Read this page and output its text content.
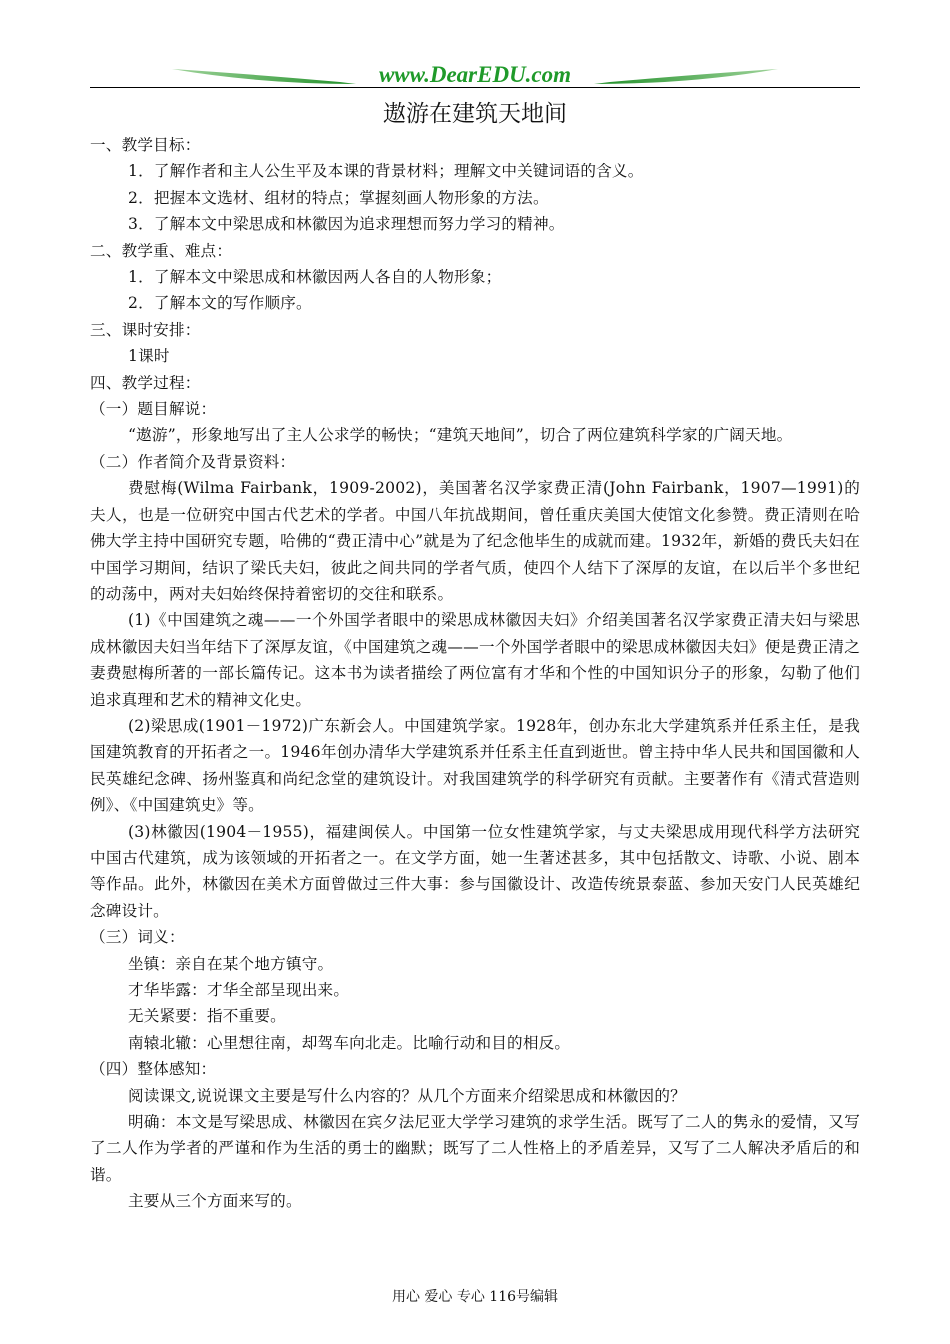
www.DearEDU.com
遨游在建筑天地间

一、教学目标：

1．了解作者和主人公生平及本课的背景材料；理解文中关键词语的含义。

2．把握本文选材、组材的特点；掌握刻画人物形象的方法。

3．了解本文中梁思成和林徽因为追求理想而努力学习的精神。

二、教学重、难点：

1．了解本文中梁思成和林徽因两人各自的人物形象；

2．了解本文的写作顺序。

三、课时安排：

1课时

四、教学过程：

（一）题目解说：

“遨游”，形象地写出了主人公求学的畅快；“建筑天地间”，切合了两位建筑科学家的广阔天地。

（二）作者简介及背景资料：

费慰梅(Wilma Fairbank，1909-2002)，美国著名汉学家费正清(John Fairbank，1907—1991)的夫人，也是一位研究中国古代艺术的学者。中国八年抗战期间，曾任重庆美国大使馆文化参赞。费正清则在哈佛大学主持中国研究专题，哈佛的“费正清中心”就是为了纪念他毕生的成就而建。1932年，新婚的费氏夫妇在中国学习期间，结识了梁氏夫妇，彼此之间共同的学者气质，使四个人结下了深厚的友谊，在以后半个多世纪的动荡中，两对夫妇始终保持着密切的交往和联系。

(1)《中国建筑之魂——一个外国学者眼中的梁思成林徽因夫妇》介绍美国著名汉学家费正清夫妇与梁思成林徽因夫妇当年结下了深厚友谊，《中国建筑之魂——一个外国学者眼中的梁思成林徽因夫妇》便是费正清之妻费慰梅所著的一部长篇传记。这本书为读者描绘了两位富有才华和个性的中国知识分子的形象，勾勒了他们追求真理和艺术的精神文化史。

(2)梁思成(1901－1972)广东新会人。中国建筑学家。1928年，创办东北大学建筑系并任系主任，是我国建筑教育的开拓者之一。1946年创办清华大学建筑系并任系主任直到逝世。曾主持中华人民共和国国徽和人民英雄纪念碑、扬州鉴真和尚纪念堂的建筑设计。对我国建筑学的科学研究有贡献。主要著作有《清式营造则例》、《中国建筑史》等。

(3)林徽因(1904－1955)，福建闽侯人。中国第一位女性建筑学家，与丈夫梁思成用现代科学方法研究中国古代建筑，成为该领域的开拓者之一。在文学方面，她一生著述甚多，其中包括散文、诗歌、小说、剧本等作品。此外，林徽因在美术方面曾做过三件大事：参与国徽设计、改造传统景泰蓝、参加天安门人民英雄纪念碑设计。

（三）词义：

坐镇：亲自在某个地方镇守。

才华毕露：才华全部呈现出来。

无关紧要：指不重要。

南辕北辙：心里想往南，却驾车向北走。比喻行动和目的相反。

（四）整体感知：

阅读课文,说说课文主要是写什么内容的？从几个方面来介绍梁思成和林徽因的？

明确：本文是写梁思成、林徽因在宾夕法尼亚大学学习建筑的求学生活。既写了二人的隽永的爱情，又写了二人作为学者的严谨和作为生活的勇士的幽默；既写了二人性格上的矛盾差异，又写了二人解决矛盾后的和谐。

主要从三个方面来写的。

用心 爱心 专心 116号编辑
